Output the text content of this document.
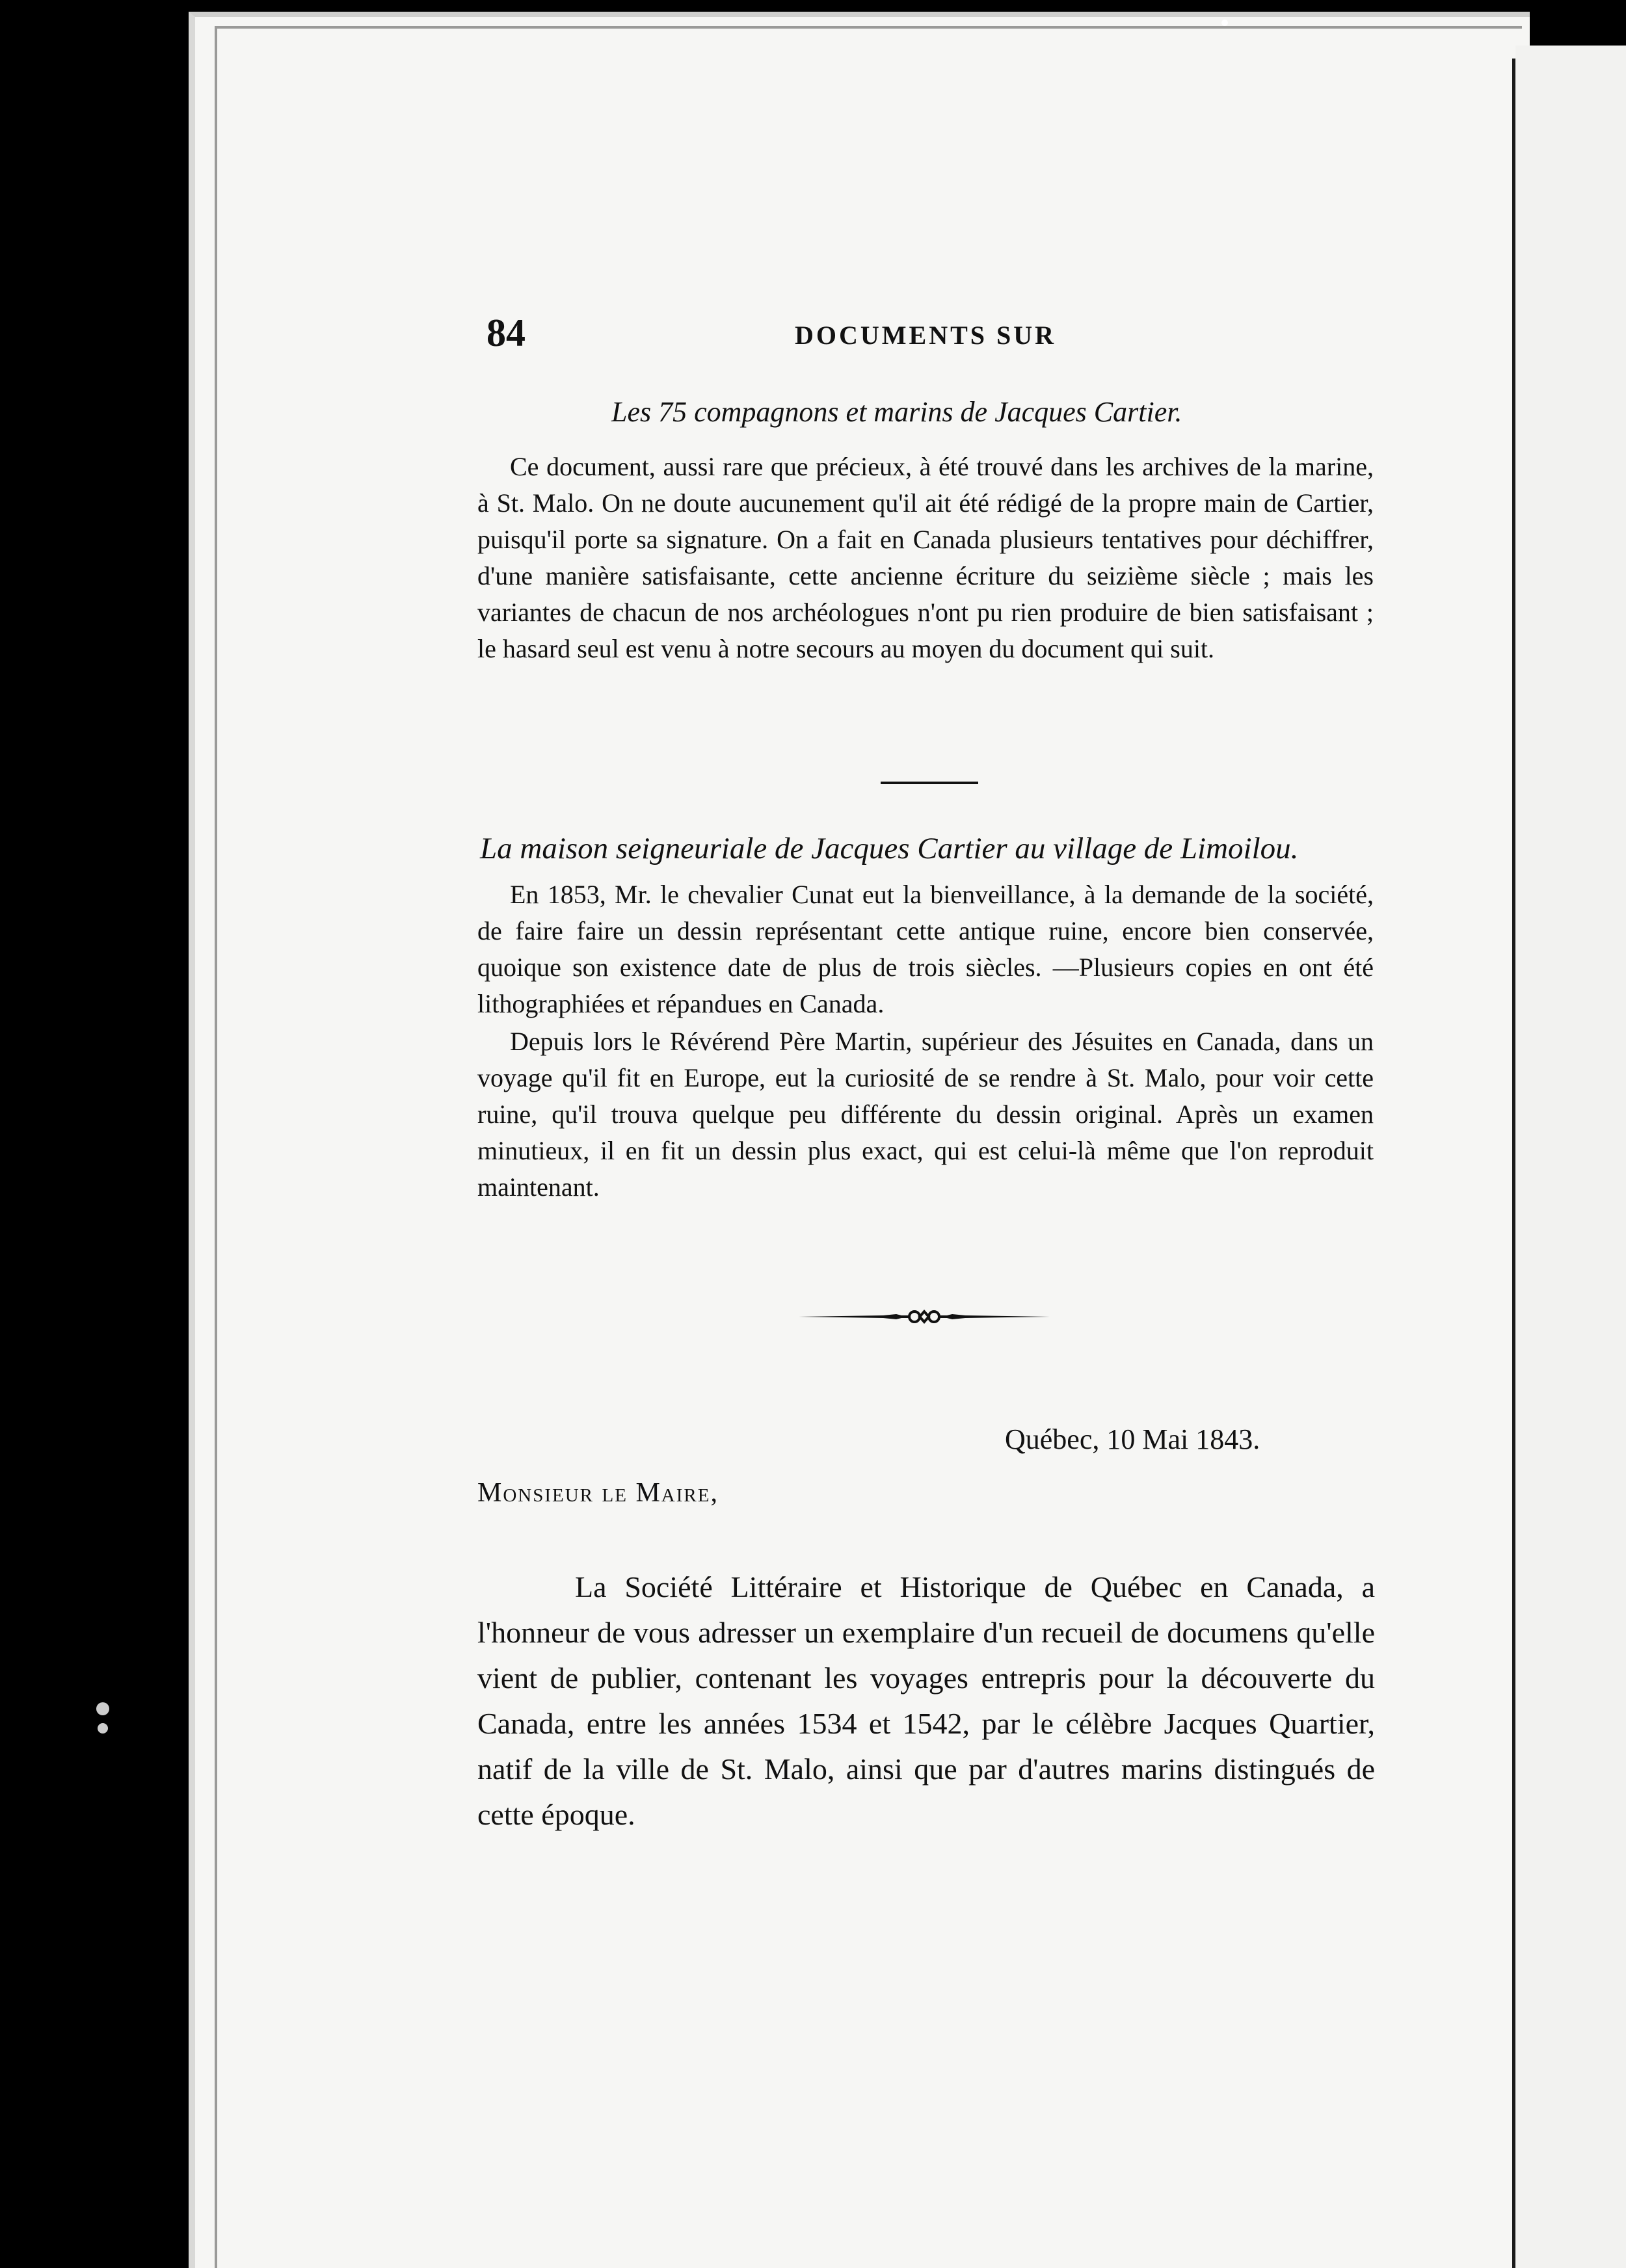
84	DOCUMENTS SUR
Les 75 compagnons et marins de Jacques Cartier.
Ce document, aussi rare que précieux, à été trouvé dans les archives de la marine, à St. Malo. On ne doute aucunement qu'il ait été rédigé de la propre main de Cartier, puisqu'il porte sa signature. On a fait en Canada plusieurs tentatives pour déchiffrer, d'une manière satisfaisante, cette ancienne écriture du seizième siècle ; mais les variantes de chacun de nos archéologues n'ont pu rien produire de bien satisfaisant ; le hasard seul est venu à notre secours au moyen du document qui suit.
La maison seigneuriale de Jacques Cartier au village de Limoilou.
En 1853, Mr. le chevalier Cunat eut la bienveillance, à la demande de la société, de faire faire un dessin représentant cette antique ruine, encore bien conservée, quoique son existence date de plus de trois siècles. —Plusieurs copies en ont été lithographiées et répandues en Canada.
Depuis lors le Révérend Père Martin, supérieur des Jésuites en Canada, dans un voyage qu'il fit en Europe, eut la curiosité de se rendre à St. Malo, pour voir cette ruine, qu'il trouva quelque peu différente du dessin original. Après un examen minutieux, il en fit un dessin plus exact, qui est celui-là même que l'on reproduit maintenant.
Québec, 10 Mai 1843.
Monsieur le Maire,
La Société Littéraire et Historique de Québec en Canada, a l'honneur de vous adresser un exemplaire d'un recueil de documens qu'elle vient de publier, contenant les voyages entrepris pour la découverte du Canada, entre les années 1534 et 1542, par le célèbre Jacques Quartier, natif de la ville de St. Malo, ainsi que par d'autres marins distingués de cette époque.
